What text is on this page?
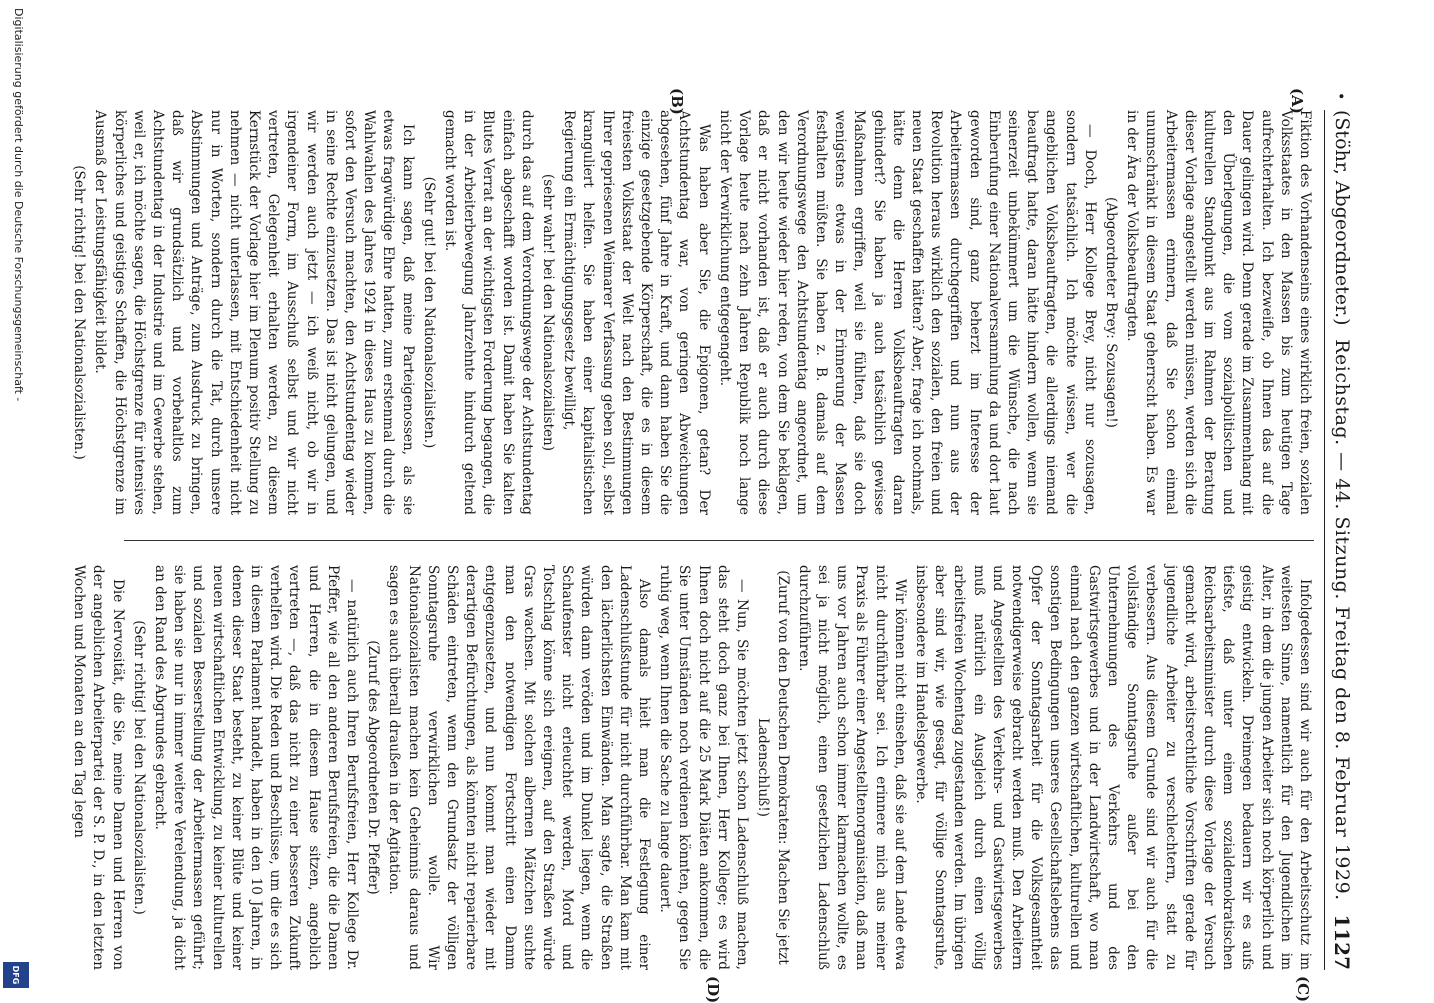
•
(Stöhr, Abgeordneter.)
Reichstag. — 44. Sitzung. Freitag den 8. Februar 1929.
1127
(A)
(B)
(C)
(D)

Fiktion des Vorhandenseins eines wirklich freien, sozialen Volksstaates in den Massen bis zum heutigen Tage aufrechterhalten. Ich bezweifle, ob Ihnen das auf die Dauer gelingen wird. Denn gerade im Zusammenhang mit den Überlegungen, die vom sozialpolitischen und kulturellen Standpunkt aus im Rahmen der Beratung dieser Vorlage angestellt werden müssen, werden sich die Arbeitermassen erinnern, daß Sie schon einmal unumschränkt in diesem Staat geherrscht haben. Es war in der Ära der Volksbeauftragten.

(Abgeordneter Brey: Sozusagen!)

— Doch, Herr Kollege Brey, nicht nur sozusagen, sondern tatsächlich. Ich möchte wissen, wer die angeblichen Volksbeauftragten, die allerdings niemand beauftragt hatte, daran hätte hindern wollen, wenn sie seinerzeit unbekümmert um die Wünsche, die nach Einberufung einer Nationalversammlung da und dort laut geworden sind, ganz beherzt im Interesse der Arbeitermassen durchgegriffen und nun aus der Revolution heraus wirklich den sozialen, den freien und neuen Staat geschaffen hätten? Aber, frage ich nochmals, hätte denn die Herren Volksbeauftragten daran gehindert? Sie haben ja auch tatsächlich gewisse Maßnahmen ergriffen, weil sie fühlten, daß sie doch wenigstens etwas in der Erinnerung der Massen festhalten müßten. Sie haben z. B. damals auf dem Verordnungswege den Achtstundentag angeordnet, um den wir heute wieder hier reden, von dem Sie beklagen, daß er nicht vorhanden ist, daß er auch durch diese Vorlage heute nach zehn Jahren Republik noch lange nicht der Verwirklichung entgegengeht.

Was haben aber Sie, die Epigonen, getan? Der Achtstundentag war, von geringen Abweichungen abgesehen, fünf Jahre in Kraft, und dann haben Sie die einzige gesetzgebende Körperschaft, die es in diesem freiesten Volksstaat der Welt nach den Bestimmungen Ihrer gepriesenen Weimarer Verfassung geben soll, selbst kranguliert helfen. Sie haben einer kapitalistischen Regierung ein Ermächtigungsgesetz bewilligt,

(sehr wahr! bei den Nationalsozialisten)

durch das auf dem Verordnungswege der Achtstundentag einfach abgeschafft worden ist. Damit haben Sie kalten Blutes Verrat an der wichtigsten Forderung begangen, die in der Arbeiterbewegung Jahrzehnte hindurch geltend gemacht worden ist.

(Sehr gut! bei den Nationalsozialisten.)

Ich kann sagen, daß meine Parteigenossen, als sie etwas fragwürdige Ehre hatten, zum erstenmal durch die Wahlwahlen des Jahres 1924 in dieses Haus zu kommen, sofort den Versuch machten, den Achtstundentag wieder in seine Rechte einzusetzen. Das ist nicht gelungen, und wir werden auch jetzt — ich weiß nicht, ob wir in irgendeiner Form, im Ausschuß selbst und wir nicht vertreten, Gelegenheit erhalten werden, zu diesem Kernstück der Vorlage hier im Plenum positiv Stellung zu nehmen — nicht unterlassen, mit Entschiedenheit nicht nur in Worten, sondern durch die Tat, durch unsere Abstimmungen und Anträge, zum Ausdruck zu bringen, daß wir grundsätzlich und vorbehaltlos zum Achtstundentag in der Industrie und im Gewerbe stehen, weil er, ich möchte sagen, die Höchstgrenze für intensives körperliches und geistiges Schaffen, die Höchstgrenze im Ausmaß der Leistungsfähigkeit bildet.

(Sehr richtig! bei den Nationalsozialisten.)

Infolgedessen sind wir auch für den Arbeitsschutz im weitesten Sinne, namentlich für den Jugendlichen im Alter, in dem die jungen Arbeiter sich noch körperlich und geistig entwickeln. Dreimegen bedauern wir es aufs tiefste, daß unter einem sozialdemokratischen Reichsarbeitsminister durch diese Vorlage der Versuch gemacht wird, arbeitsrechtliche Vorschriften gerade für jugendliche Arbeiter zu verschlechtern, statt zu verbessern. Aus diesem Grunde sind wir auch für die vollständige Sonntagsruhe außer bei den Unternehmungen des Verkehrs und des Gastwirtsgewerbes und in der Landwirtschaft, wo man einmal nach den ganzen wirtschaftlichen, kulturellen und sonstigen Bedingungen unseres Gesellschaftslebens das Opfer der Sonntagsarbeit für die Volksgesamtheit notwendigerweise gebracht werden muß. Den Arbeitern und Angestellten des Verkehrs- und Gastwirtsgewerbes muß natürlich ein Ausgleich durch einen völlig arbeitsfreien Wochentag zugestanden werden. Im übrigen aber sind wir, wie gesagt, für völlige Sonntagsruhe, insbesondere im Handelsgewerbe.

Wir können nicht einsehen, daß sie auf dem Lande etwa nicht durchführbar sei. Ich erinnere mich aus meiner Praxis als Führer einer Angestelltenorganisation, daß man uns vor Jahren auch schon immer klarmachen wollte, es sei ja nicht möglich, einen gesetzlichen Ladenschluß durchzuführen.

(Zuruf von den Deutschen Demokraten: Machen Sie jetzt Ladenschluß!)

— Nun, Sie möchten jetzt schon Ladenschluß machen, das steht doch ganz bei Ihnen, Herr Kollege; es wird Ihnen doch nicht auf die 25 Mark Diäten ankommen, die Sie unter Umständen noch verdienen könnten, gegen Sie ruhig weg, wenn Ihnen die Sache zu lange dauert.

Also damals hielt man die Festlegung einer Ladenschlußstunde für nicht durchführbar. Man kam mit den lächerlichsten Einwänden. Man sagte, die Straßen würden dann veröden und im Dunkel liegen, wenn die Schaufenster nicht erleuchtet werden, Mord und Totschlag könne sich ereignen, auf den Straßen würde Gras wachsen. Mit solchen albernen Mätzchen suchte man den notwendigen Fortschritt einen Damm entgegenzusetzen, und nun kommt man wieder mit derartigen Befürchtungen, als könnten nicht reparierbare Schäden eintreten, wenn den Grundsatz der völligen Sonntagsruhe verwirklichen wolle. Wir Nationalsozialisten machen kein Geheimnis daraus und sagen es auch überall draußen in der Agitation.

(Zuruf des Abgeordneten Dr. Pfeffer)

— natürlich auch Ihren Berufsfreien, Herr Kollege Dr. Pfeffer, wie all den anderen Berufsfreien, die die Damen und Herren, die in diesem Hause sitzen, angeblich vertreten —, daß das nicht zu einer besseren Zukunft verhelfen wird. Die Reden und Beschlüsse, um die es sich in diesem Parlament handelt, haben in den 10 Jahren, in denen dieser Staat besteht, zu keiner Blüte und keiner neuen wirtschaftlichen Entwicklung, zu keiner kulturellen und sozialen Besserstellung der Arbeitermassen geführt; sie haben sie nur in immer weitere Verelendung, ja dicht an den Rand des Abgrundes gebracht.

(Sehr richtig! bei den Nationalsozialisten.)

Die Nervosität, die Sie, meine Damen und Herren von der angeblichen Arbeiterpartei der S. P. D., in den letzten Wochen und Monaten an den Tag legen

Digitalisierung gefördert durch die Deutsche Forschungsgemeinschaft -
DFG
